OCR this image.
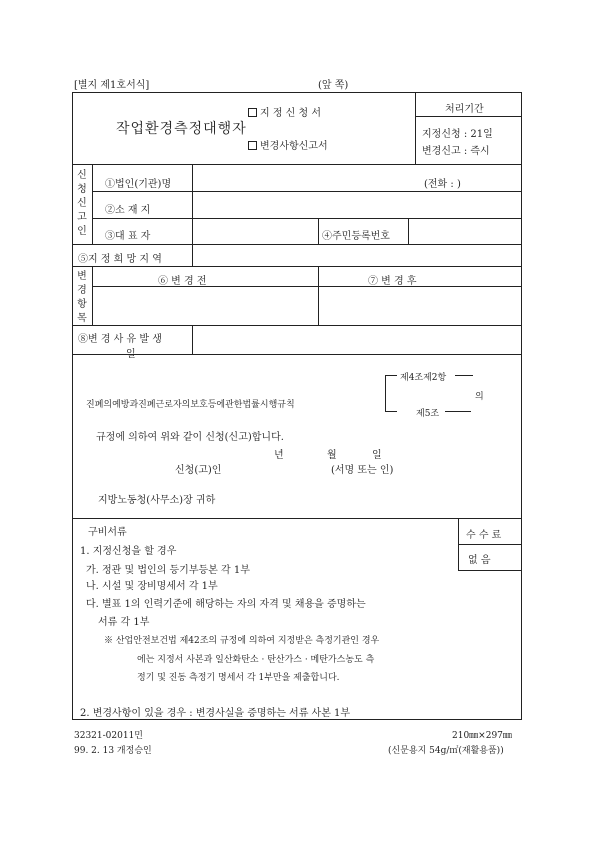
[별지 제1호서식]	(앞 쪽)
작업환경측정대행자
지 정 신 청 서
변경사항신고서
처리기간
지정신청 : 21일
변경신고 : 즉시
신
청
신
고
인
①법인(기관)명	(전화 : )
②소 재 지
③대 표 자	④주민등록번호
⑤지 정 희 망 지 역
변
경
항
목
⑥ 변 경 전	⑦ 변 경 후
⑧변 경 사 유 발 생
일
진폐의예방과진폐근로자의보호등에관한법률시행규칙
제4조제2항
제5조
의
규정에 의하여 위와 같이 신청(신고)합니다.
년	월	일
신청(고)인	(서명 또는 인)
지방노동청(사무소)장 귀하
수 수 료
없 음
구비서류
1. 지정신청을 할 경우
가. 정관 및 법인의 등기부등본 각 1부
나. 시설 및 장비명세서 각 1부
다. 별표 1의 인력기준에 해당하는 자의 자격 및 채용을 증명하는
서류 각 1부
※ 산업안전보건법 제42조의 규정에 의하여 지정받은 측정기관인 경우
에는 지정서 사본과 일산화탄소 · 탄산가스 · 메탄가스농도 측
정기 및 진동 측정기 명세서 각 1부만을 제출합니다.
2. 변경사항이 있을 경우 : 변경사실을 증명하는 서류 사본 1부
32321-02011민
99. 2. 13 개정승인
210㎜×297㎜
(신문용지 54g/㎡(재활용품))
